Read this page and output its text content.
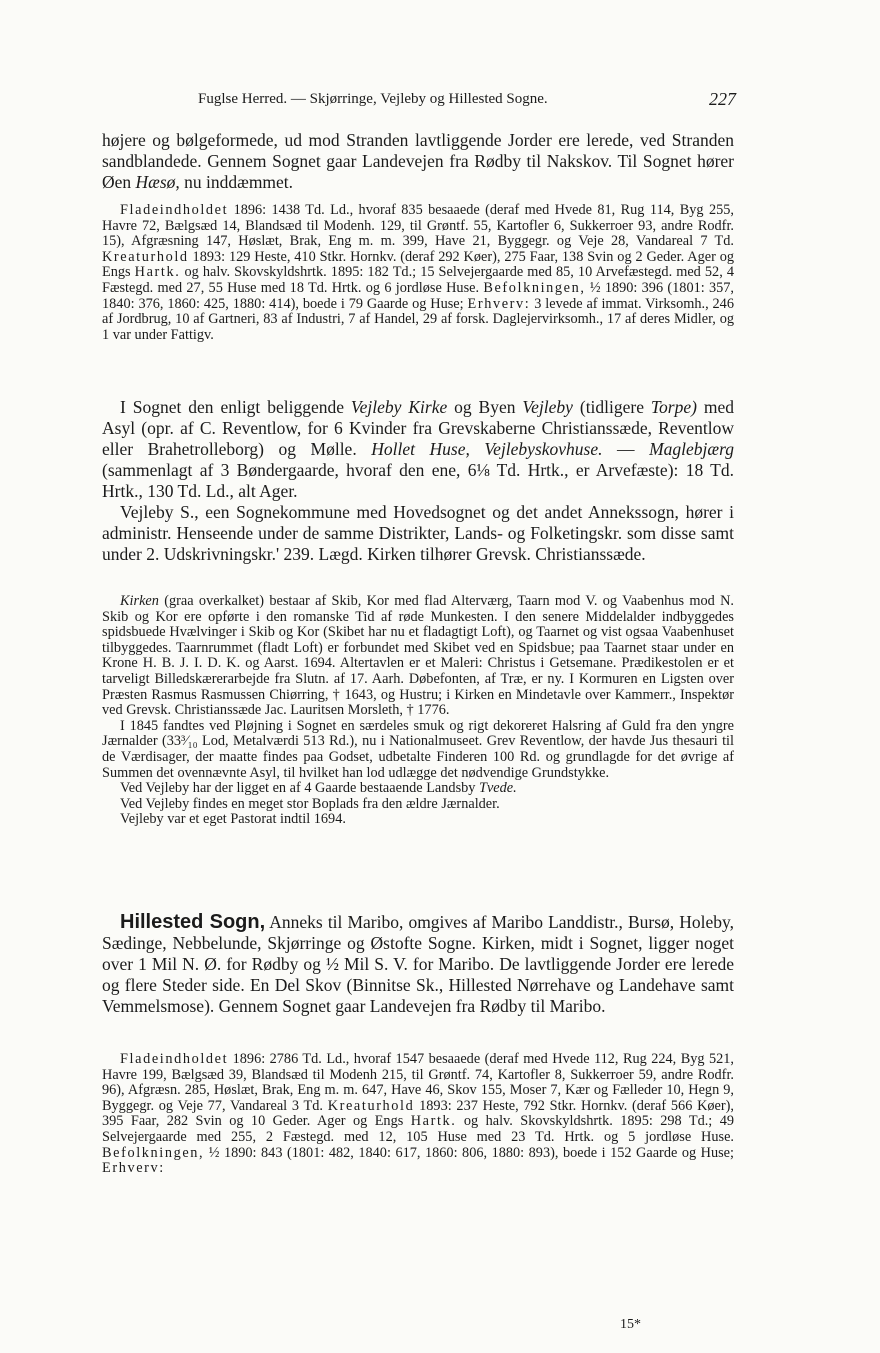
Fuglse Herred. — Skjørringe, Vejleby og Hillested Sogne.	227

højere og bølgeformede, ud mod Stranden lavtliggende Jorder ere lerede, ved Stranden sandblandede. Gennem Sognet gaar Landevejen fra Rødby til Nakskov. Til Sognet hører Øen Hæsø, nu inddæmmet.

Fladeindholdet 1896: 1438 Td. Ld., hvoraf 835 besaaede (deraf med Hvede 81, Rug 114, Byg 255, Havre 72, Bælgsæd 14, Blandsæd til Modenh. 129, til Grøntf. 55, Kartofler 6, Sukkerroer 93, andre Rodfr. 15), Afgræsning 147, Høslæt, Brak, Eng m. m. 399, Have 21, Byggegr. og Veje 28, Vandareal 7 Td. Kreaturhold 1893: 129 Heste, 410 Stkr. Hornkv. (deraf 292 Køer), 275 Faar, 138 Svin og 2 Geder. Ager og Engs Hartk. og halv. Skovskyldshrtk. 1895: 182 Td.; 15 Selvejergaarde med 85, 10 Arvefæstegd. med 52, 4 Fæstegd. med 27, 55 Huse med 18 Td. Hrtk. og 6 jordløse Huse. Befolkningen, ½ 1890: 396 (1801: 357, 1840: 376, 1860: 425, 1880: 414), boede i 79 Gaarde og Huse; Erhverv: 3 levede af immat. Virksomh., 246 af Jordbrug, 10 af Gartneri, 83 af Industri, 7 af Handel, 29 af forsk. Daglejervirksomh., 17 af deres Midler, og 1 var under Fattigv.

I Sognet den enligt beliggende Vejleby Kirke og Byen Vejleby (tidligere Torpe) med Asyl (opr. af C. Reventlow, for 6 Kvinder fra Grevskaberne Christianssæde, Reventlow eller Brahetrolleborg) og Mølle. Hollet Huse, Vejlebyskovhuse. — Maglebjærg (sammenlagt af 3 Bøndergaarde, hvoraf den ene, 6⅛ Td. Hrtk., er Arvefæste): 18 Td. Hrtk., 130 Td. Ld., alt Ager.

Vejleby S., een Sognekommune med Hovedsognet og det andet Annekssogn, hører i administr. Henseende under de samme Distrikter, Lands- og Folketingskr. som disse samt under 2. Udskrivningskr.' 239. Lægd. Kirken tilhører Grevsk. Christianssæde.

Kirken (graa overkalket) bestaar af Skib, Kor med flad Alterværg, Taarn mod V. og Vaabenhus mod N. Skib og Kor ere opførte i den romanske Tid af røde Munkesten. I den senere Middelalder indbyggedes spidsbuede Hvælvinger i Skib og Kor (Skibet har nu et fladagtigt Loft), og Taarnet og vist ogsaa Vaabenhuset tilbyggedes. Taarnrummet (fladt Loft) er forbundet med Skibet ved en Spidsbue; paa Taarnet staar under en Krone H. B. J. I. D. K. og Aarst. 1694. Altertavlen er et Maleri: Christus i Getsemane. Prædikestolen er et tarveligt Billedskærerarbejde fra Slutn. af 17. Aarh. Døbefonten, af Træ, er ny. I Kormuren en Ligsten over Præsten Rasmus Rasmussen Chiørring, † 1643, og Hustru; i Kirken en Mindetavle over Kammerr., Inspektør ved Grevsk. Christianssæde Jac. Lauritsen Morsleth, † 1776.

I 1845 fandtes ved Pløjning i Sognet en særdeles smuk og rigt dekoreret Halsring af Guld fra den yngre Jærnalder (33³⁄₁₀ Lod, Metalværdi 513 Rd.), nu i Nationalmuseet. Grev Reventlow, der havde Jus thesauri til de Værdisager, der maatte findes paa Godset, udbetalte Finderen 100 Rd. og grundlagde for det øvrige af Summen det ovennævnte Asyl, til hvilket han lod udlægge det nødvendige Grundstykke.

Ved Vejleby har der ligget en af 4 Gaarde bestaaende Landsby Tvede.

Ved Vejleby findes en meget stor Boplads fra den ældre Jærnalder.

Vejleby var et eget Pastorat indtil 1694.

Hillested Sogn, Anneks til Maribo, omgives af Maribo Landdistr., Bursø, Holeby, Sædinge, Nebbelunde, Skjørringe og Østofte Sogne. Kirken, midt i Sognet, ligger noget over 1 Mil N. Ø. for Rødby og ½ Mil S. V. for Maribo. De lavtliggende Jorder ere lerede og flere Steder side. En Del Skov (Binnitse Sk., Hillested Nørrehave og Landehave samt Vemmelsmose). Gennem Sognet gaar Landevejen fra Rødby til Maribo.

Fladeindholdet 1896: 2786 Td. Ld., hvoraf 1547 besaaede (deraf med Hvede 112, Rug 224, Byg 521, Havre 199, Bælgsæd 39, Blandsæd til Modenh 215, til Grøntf. 74, Kartofler 8, Sukkerroer 59, andre Rodfr. 96), Afgræsn. 285, Høslæt, Brak, Eng m. m. 647, Have 46, Skov 155, Moser 7, Kær og Fælleder 10, Hegn 9, Byggegr. og Veje 77, Vandareal 3 Td. Kreaturhold 1893: 237 Heste, 792 Stkr. Hornkv. (deraf 566 Køer), 395 Faar, 282 Svin og 10 Geder. Ager og Engs Hartk. og halv. Skovskyldshrtk. 1895: 298 Td.; 49 Selvejergaarde med 255, 2 Fæstegd. med 12, 105 Huse med 23 Td. Hrtk. og 5 jordløse Huse. Befolkningen, ½ 1890: 843 (1801: 482, 1840: 617, 1860: 806, 1880: 893), boede i 152 Gaarde og Huse; Erhverv:

15*
